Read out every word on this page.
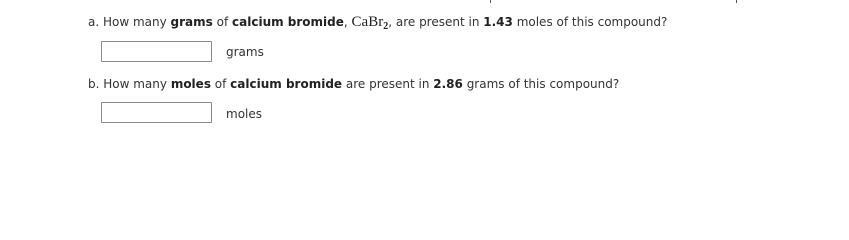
a. How many grams of calcium bromide, CaBr$_2$, are present in 1.43 moles of this compound?
grams
b. How many moles of calcium bromide are present in 2.86 grams of this compound?
moles
